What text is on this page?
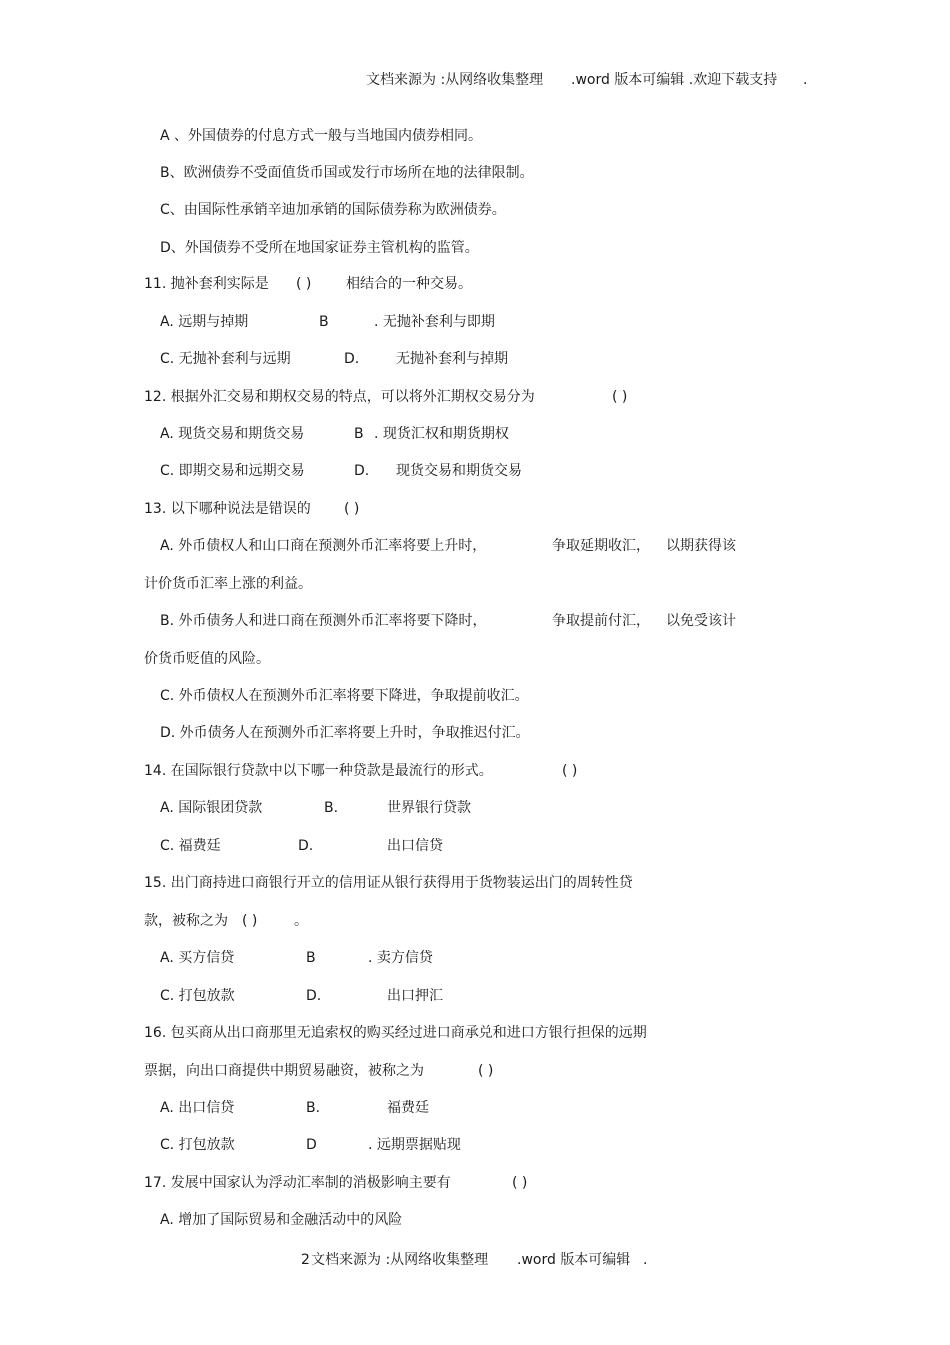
文档来源为 :从网络收集整理 .word 版本可编辑 .欢迎下载支持 .
A 、外国债券的付息方式一般与当地国内债券相同。
B、欧洲债券不受面值货币国或发行市场所在地的法律限制。
C、由国际性承销辛迪加承销的国际债券称为欧洲债券。
D、外国债券不受所在地国家证券主管机构的监管。
11. 抛补套利实际是 ( ) 相结合的一种交易。
A. 远期与掉期	B	. 无抛补套利与即期
C. 无抛补套利与远期	D.	无抛补套利与掉期
12. 根据外汇交易和期权交易的特点，可以将外汇期权交易分为	( )
A. 现货交易和期货交易	B . 现货汇权和期货期权
C. 即期交易和远期交易	D. 现货交易和期货交易
13. 以下哪种说法是错误的 ( )
A. 外币债权人和山口商在预测外币汇率将要上升时，	争取延期收汇， 以期获得该
计价货币汇率上涨的利益。
B. 外币债务人和进口商在预测外币汇率将要下降时，	争取提前付汇， 以免受该计
价货币贬值的风险。
C. 外币债权人在预测外币汇率将要下降进，争取提前收汇。
D. 外币债务人在预测外币汇率将要上升时，争取推迟付汇。
14. 在国际银行贷款中以下哪一种贷款是最流行的形式。	( )
A. 国际银团贷款	B.	世界银行贷款
C. 福费廷	D.	出口信贷
15. 出门商持进口商银行开立的信用证从银行获得用于货物装运出门的周转性贷
款，被称之为 ( )	。
A. 买方信贷	B	. 卖方信贷
C. 打包放款	D.	出口押汇
16. 包买商从出口商那里无追索权的购买经过进口商承兑和进口方银行担保的远期
票据，向出口商提供中期贸易融资，被称之为	( )
A. 出口信贷	B.	福费廷
C. 打包放款	D	. 远期票据贴现
17. 发展中国家认为浮动汇率制的消极影响主要有	( )
A. 增加了国际贸易和金融活动中的风险
2 文档来源为 :从网络收集整理 .word 版本可编辑 .
